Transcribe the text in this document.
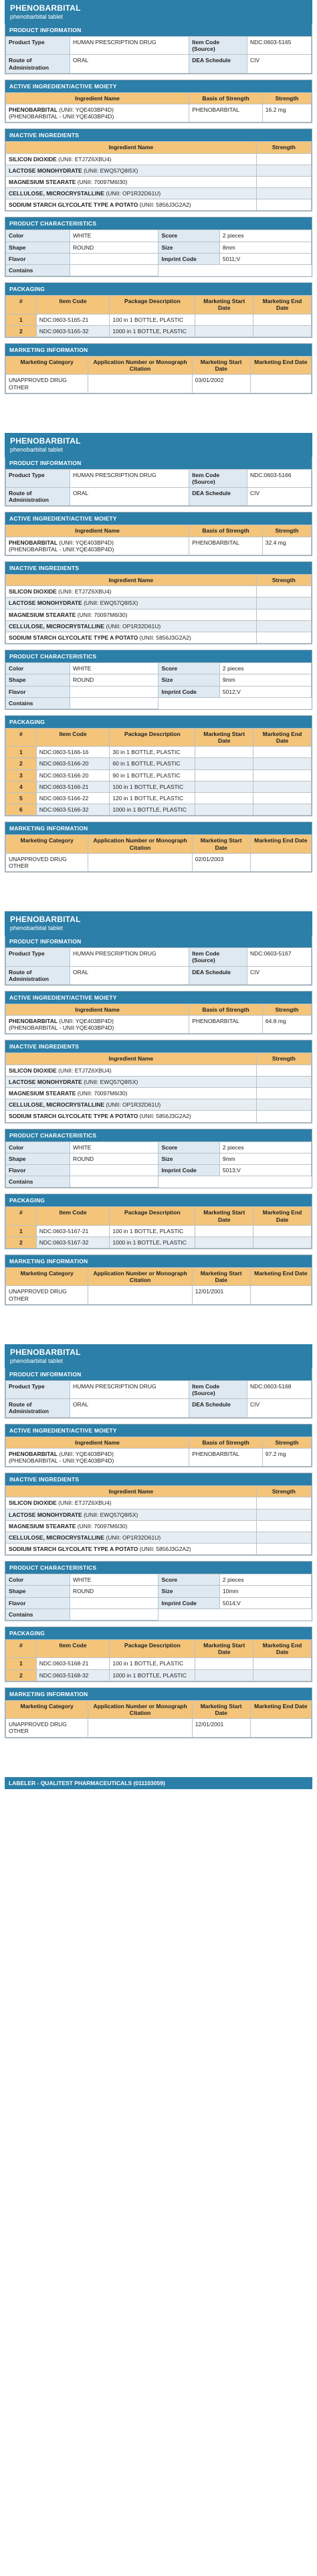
PHENOBARBITAL
phenobarbital tablet
PRODUCT INFORMATION
Product Type	HUMAN PRESCRIPTION DRUG	Item Code (Source)	NDC:0603-5165
Route of Administration	ORAL	DEA Schedule	CIV
ACTIVE INGREDIENT/ACTIVE MOIETY
Ingredient Name	Basis of Strength	Strength
PHENOBARBITAL (UNII: YQE403BP4D)
(PHENOBARBITAL - UNII:YQE403BP4D)	PHENOBARBITAL	16.2 mg
INACTIVE INGREDIENTS
Ingredient Name	Strength
SILICON DIOXIDE (UNII: ETJ7Z6XBU4)	
LACTOSE MONOHYDRATE (UNII: EWQ57Q8I5X)	
MAGNESIUM STEARATE (UNII: 70097M6I30)	
CELLULOSE, MICROCRYSTALLINE (UNII: OP1R32D61U)	
SODIUM STARCH GLYCOLATE TYPE A POTATO (UNII: 5856J3G2A2)	
PRODUCT CHARACTERISTICS
Color	WHITE	Score	2 pieces
Shape	ROUND	Size	8mm
Flavor		Imprint Code	5011;V
Contains			
PACKAGING
#	Item Code	Package Description	Marketing Start Date	Marketing End Date
1	NDC:0603-5165-21	100 in 1 BOTTLE, PLASTIC		
2	NDC:0603-5165-32	1000 in 1 BOTTLE, PLASTIC		
MARKETING INFORMATION
Marketing Category	Application Number or Monograph Citation	Marketing Start Date	Marketing End Date
UNAPPROVED DRUG OTHER		03/01/2002	
PHENOBARBITAL
phenobarbital tablet
PRODUCT INFORMATION
Product Type	HUMAN PRESCRIPTION DRUG	Item Code (Source)	NDC:0603-5166
Route of Administration	ORAL	DEA Schedule	CIV
ACTIVE INGREDIENT/ACTIVE MOIETY
Ingredient Name	Basis of Strength	Strength
PHENOBARBITAL (UNII: YQE403BP4D)
(PHENOBARBITAL - UNII:YQE403BP4D)	PHENOBARBITAL	32.4 mg
INACTIVE INGREDIENTS
Ingredient Name	Strength
SILICON DIOXIDE (UNII: ETJ7Z6XBU4)	
LACTOSE MONOHYDRATE (UNII: EWQ57Q8I5X)	
MAGNESIUM STEARATE (UNII: 70097M6I30)	
CELLULOSE, MICROCRYSTALLINE (UNII: OP1R32D61U)	
SODIUM STARCH GLYCOLATE TYPE A POTATO (UNII: 5856J3G2A2)	
PRODUCT CHARACTERISTICS
Color	WHITE	Score	2 pieces
Shape	ROUND	Size	9mm
Flavor		Imprint Code	5012;V
Contains			
PACKAGING
#	Item Code	Package Description	Marketing Start Date	Marketing End Date
1	NDC:0603-5166-16	30 in 1 BOTTLE, PLASTIC		
2	NDC:0603-5166-20	60 in 1 BOTTLE, PLASTIC		
3	NDC:0603-5166-20	90 in 1 BOTTLE, PLASTIC		
4	NDC:0603-5166-21	100 in 1 BOTTLE, PLASTIC		
5	NDC:0603-5166-22	120 in 1 BOTTLE, PLASTIC		
6	NDC:0603-5166-32	1000 in 1 BOTTLE, PLASTIC		
MARKETING INFORMATION
Marketing Category	Application Number or Monograph Citation	Marketing Start Date	Marketing End Date
UNAPPROVED DRUG OTHER		02/01/2003	
PHENOBARBITAL
phenobarbital tablet
PRODUCT INFORMATION
Product Type	HUMAN PRESCRIPTION DRUG	Item Code (Source)	NDC:0603-5167
Route of Administration	ORAL	DEA Schedule	CIV
ACTIVE INGREDIENT/ACTIVE MOIETY
Ingredient Name	Basis of Strength	Strength
PHENOBARBITAL (UNII: YQE403BP4D)
(PHENOBARBITAL - UNII:YQE403BP4D)	PHENOBARBITAL	64.8 mg
INACTIVE INGREDIENTS
Ingredient Name	Strength
SILICON DIOXIDE (UNII: ETJ7Z6XBU4)	
LACTOSE MONOHYDRATE (UNII: EWQ57Q8I5X)	
MAGNESIUM STEARATE (UNII: 70097M6I30)	
CELLULOSE, MICROCRYSTALLINE (UNII: OP1R32D61U)	
SODIUM STARCH GLYCOLATE TYPE A POTATO (UNII: 5856J3G2A2)	
PRODUCT CHARACTERISTICS
Color	WHITE	Score	2 pieces
Shape	ROUND	Size	9mm
Flavor		Imprint Code	5013;V
Contains			
PACKAGING
#	Item Code	Package Description	Marketing Start Date	Marketing End Date
1	NDC:0603-5167-21	100 in 1 BOTTLE, PLASTIC		
2	NDC:0603-5167-32	1000 in 1 BOTTLE, PLASTIC		
MARKETING INFORMATION
Marketing Category	Application Number or Monograph Citation	Marketing Start Date	Marketing End Date
UNAPPROVED DRUG OTHER		12/01/2001	
PHENOBARBITAL
phenobarbital tablet
PRODUCT INFORMATION
Product Type	HUMAN PRESCRIPTION DRUG	Item Code (Source)	NDC:0603-5168
Route of Administration	ORAL	DEA Schedule	CIV
ACTIVE INGREDIENT/ACTIVE MOIETY
Ingredient Name	Basis of Strength	Strength
PHENOBARBITAL (UNII: YQE403BP4D)
(PHENOBARBITAL - UNII:YQE403BP4D)	PHENOBARBITAL	97.2 mg
INACTIVE INGREDIENTS
Ingredient Name	Strength
SILICON DIOXIDE (UNII: ETJ7Z6XBU4)	
LACTOSE MONOHYDRATE (UNII: EWQ57Q8I5X)	
MAGNESIUM STEARATE (UNII: 70097M6I30)	
CELLULOSE, MICROCRYSTALLINE (UNII: OP1R32D61U)	
SODIUM STARCH GLYCOLATE TYPE A POTATO (UNII: 5856J3G2A2)	
PRODUCT CHARACTERISTICS
Color	WHITE	Score	2 pieces
Shape	ROUND	Size	10mm
Flavor		Imprint Code	5014;V
Contains			
PACKAGING
#	Item Code	Package Description	Marketing Start Date	Marketing End Date
1	NDC:0603-5168-21	100 in 1 BOTTLE, PLASTIC		
2	NDC:0603-5168-32	1000 in 1 BOTTLE, PLASTIC		
MARKETING INFORMATION
Marketing Category	Application Number or Monograph Citation	Marketing Start Date	Marketing End Date
UNAPPROVED DRUG OTHER		12/01/2001	
LABELER - QUALITEST PHARMACEUTICALS (011103059)
